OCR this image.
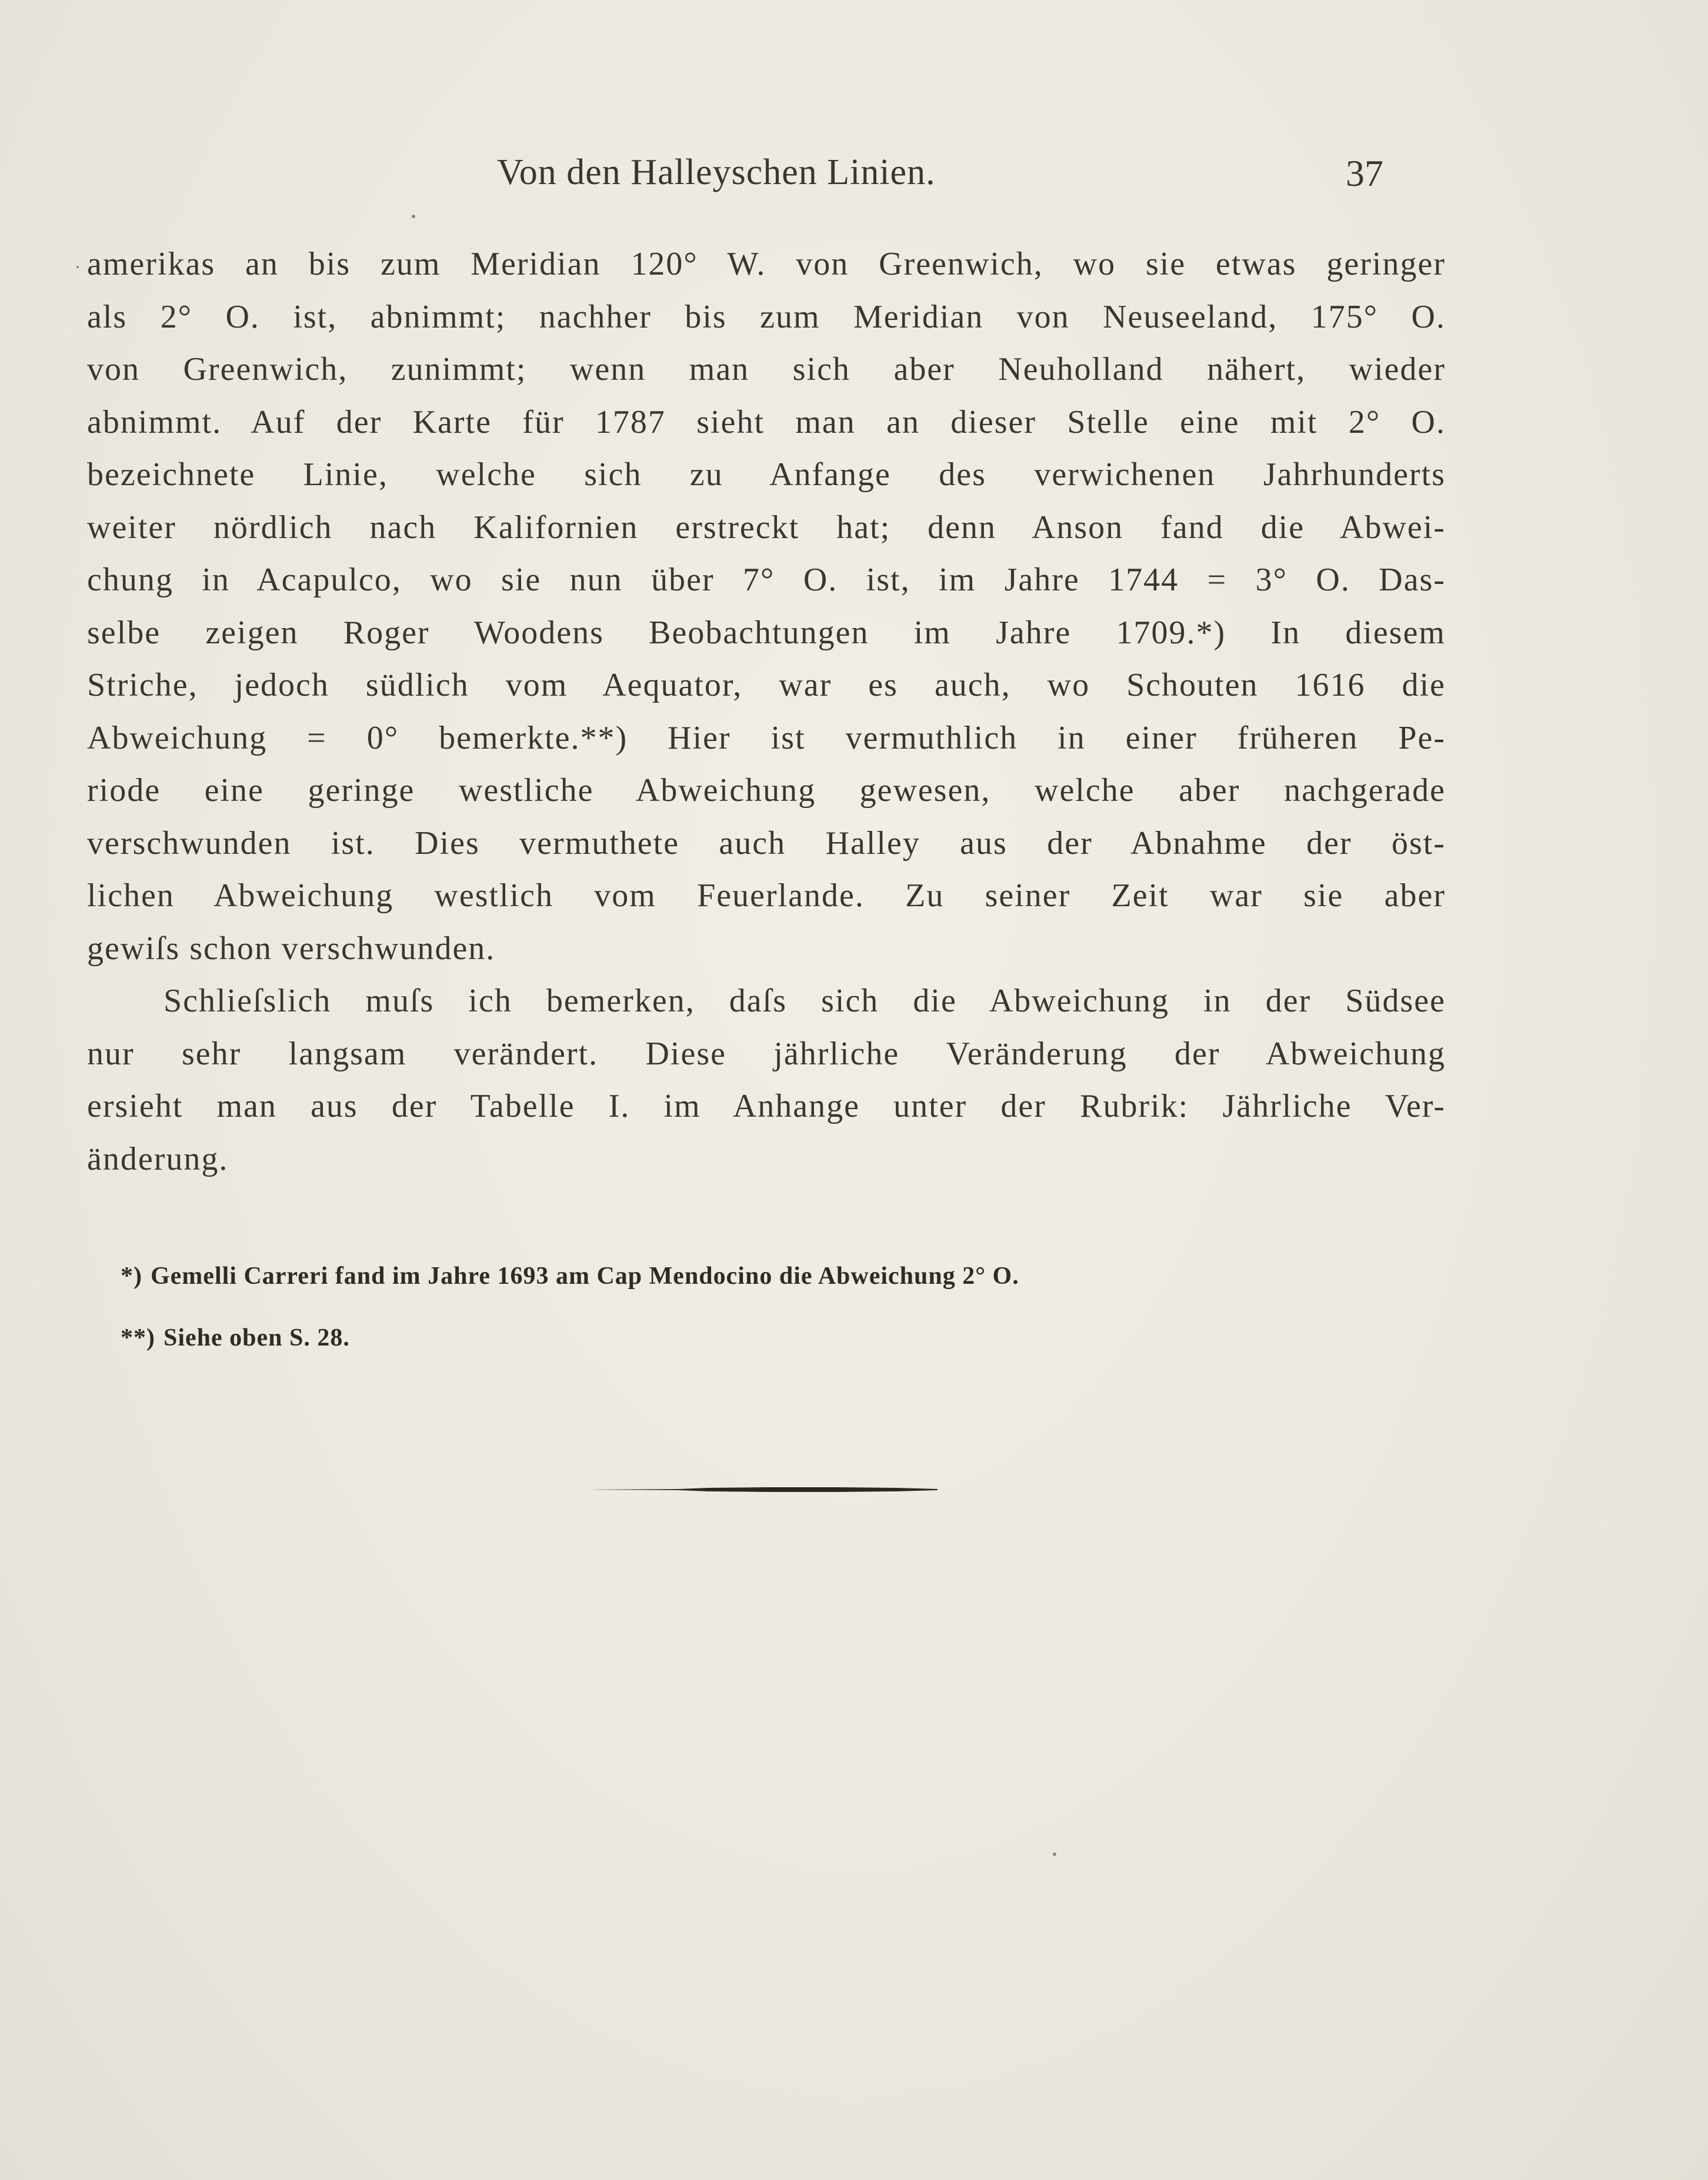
Von den Halleyschen Linien.	37
amerikas an bis zum Meridian 120° W. von Greenwich, wo sie etwas geringer
als 2° O. ist, abnimmt; nachher bis zum Meridian von Neuseeland, 175° O.
von Greenwich, zunimmt; wenn man sich aber Neuholland nähert, wieder
abnimmt. Auf der Karte für 1787 sieht man an dieser Stelle eine mit 2° O.
bezeichnete Linie, welche sich zu Anfange des verwichenen Jahrhunderts
weiter nördlich nach Kalifornien erstreckt hat; denn Anson fand die Abwei-
chung in Acapulco, wo sie nun über 7° O. ist, im Jahre 1744 = 3° O. Das-
selbe zeigen Roger Woodens Beobachtungen im Jahre 1709.*) In diesem
Striche, jedoch südlich vom Aequator, war es auch, wo Schouten 1616 die
Abweichung = 0° bemerkte.**) Hier ist vermuthlich in einer früheren Pe-
riode eine geringe westliche Abweichung gewesen, welche aber nachgerade
verschwunden ist. Dies vermuthete auch Halley aus der Abnahme der öst-
lichen Abweichung westlich vom Feuerlande. Zu seiner Zeit war sie aber
gewiſs schon verschwunden.
Schlieſslich muſs ich bemerken, daſs sich die Abweichung in der Südsee
nur sehr langsam verändert. Diese jährliche Veränderung der Abweichung
ersieht man aus der Tabelle I. im Anhange unter der Rubrik: Jährliche Ver-
änderung.
*) Gemelli Carreri fand im Jahre 1693 am Cap Mendocino die Abweichung 2° O.
**) Siehe oben S. 28.
